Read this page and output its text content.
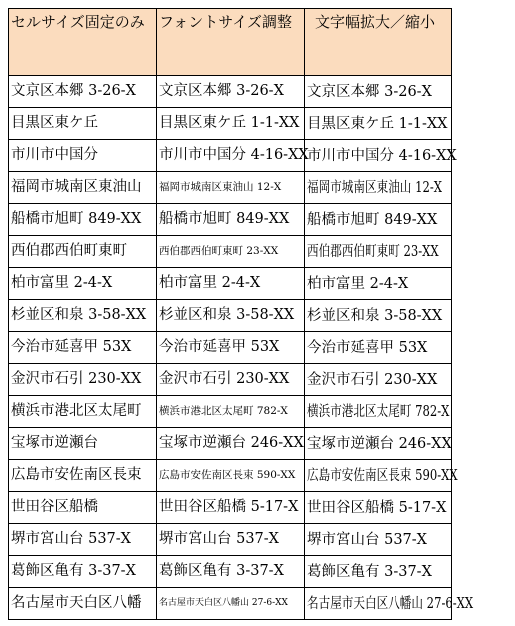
セルサイズ固定のみ	フォントサイズ調整	文字幅拡大／縮小
文京区本郷 3-26-X	文京区本郷 3-26-X	文京区本郷 3-26-X
目黒区東ケ丘	目黒区東ケ丘 1-1-XX	目黒区東ケ丘 1-1-XX
市川市中国分	市川市中国分 4-16-XX	市川市中国分 4-16-XX
福岡市城南区東油山	福岡市城南区東油山 12-X	福岡市城南区東油山 12-X
船橋市旭町 849-XX	船橋市旭町 849-XX	船橋市旭町 849-XX
西伯郡西伯町東町	西伯郡西伯町東町 23-XX	西伯郡西伯町東町 23-XX
柏市富里 2-4-X	柏市富里 2-4-X	柏市富里 2-4-X
杉並区和泉 3-58-XX	杉並区和泉 3-58-XX	杉並区和泉 3-58-XX
今治市延喜甲 53X	今治市延喜甲 53X	今治市延喜甲 53X
金沢市石引 230-XX	金沢市石引 230-XX	金沢市石引 230-XX
横浜市港北区太尾町	横浜市港北区太尾町 782-X	横浜市港北区太尾町 782-X
宝塚市逆瀬台	宝塚市逆瀬台 246-XX	宝塚市逆瀬台 246-XX
広島市安佐南区長束	広島市安佐南区長束 590-XX	広島市安佐南区長束 590-XX
世田谷区船橋	世田谷区船橋 5-17-X	世田谷区船橋 5-17-X
堺市宮山台 537-X	堺市宮山台 537-X	堺市宮山台 537-X
葛飾区亀有 3-37-X	葛飾区亀有 3-37-X	葛飾区亀有 3-37-X
名古屋市天白区八幡	名古屋市天白区八幡山 27-6-XX	名古屋市天白区八幡山 27-6-XX
